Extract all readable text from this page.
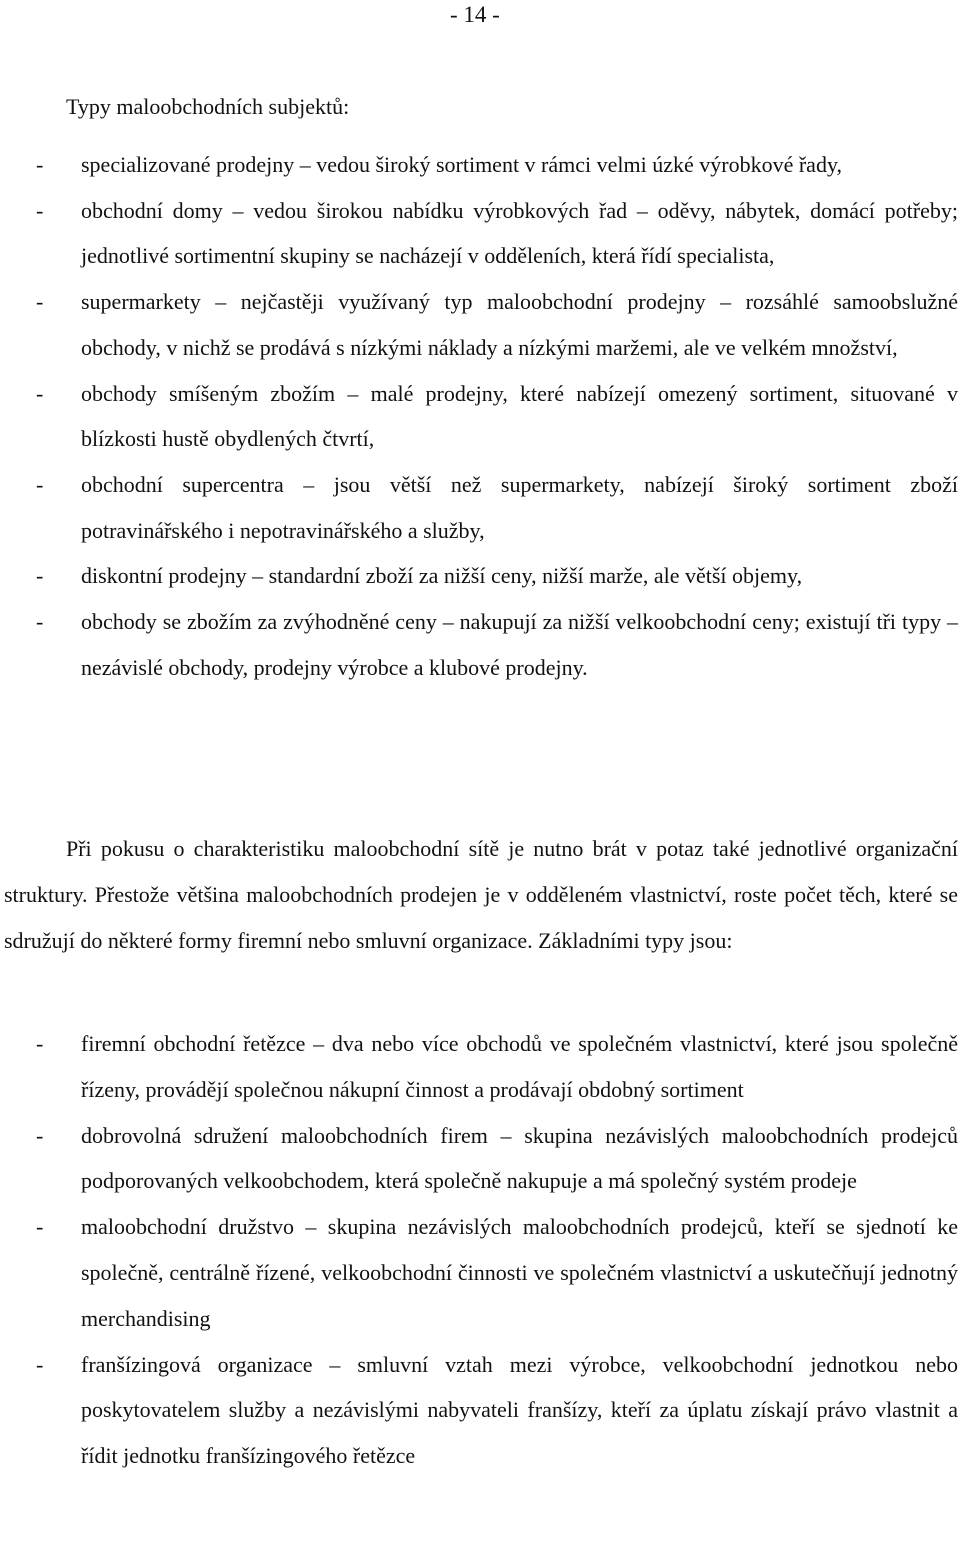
- 14 -
Typy maloobchodních subjektů:
- specializované prodejny – vedou široký sortiment v rámci velmi úzké výrobkové řady,
- obchodní domy – vedou širokou nabídku výrobkových řad – oděvy, nábytek, domácí potřeby; jednotlivé sortimentní skupiny se nacházejí v odděleních, která řídí specialista,
- supermarkety – nejčastěji využívaný typ maloobchodní prodejny – rozsáhlé samoobslužné obchody, v nichž se prodává s nízkými náklady a nízkými maržemi, ale ve velkém množství,
- obchody smíšeným zbožím – malé prodejny, které nabízejí omezený sortiment, situované v blízkosti hustě obydlených čtvrtí,
- obchodní supercentra – jsou větší než supermarkety, nabízejí široký sortiment zboží potravinářského i nepotravinářského a služby,
- diskontní prodejny – standardní zboží za nižší ceny, nižší marže, ale větší objemy,
- obchody se zbožím za zvýhodněné ceny – nakupují za nižší velkoobchodní ceny; existují tři typy – nezávislé obchody, prodejny výrobce a klubové prodejny.
Při pokusu o charakteristiku maloobchodní sítě je nutno brát v potaz také jednotlivé organizační struktury. Přestože většina maloobchodních prodejen je v odděleném vlastnictví, roste počet těch, které se sdružují do některé formy firemní nebo smluvní organizace. Základními typy jsou:
- firemní obchodní řetězce – dva nebo více obchodů ve společném vlastnictví, které jsou společně řízeny, provádějí společnou nákupní činnost a prodávají obdobný sortiment
- dobrovolná sdružení maloobchodních firem – skupina nezávislých maloobchodních prodejců podporovaných velkoobchodem, která společně nakupuje a má společný systém prodeje
- maloobchodní družstvo – skupina nezávislých maloobchodních prodejců, kteří se sjednotí ke společně, centrálně řízené, velkoobchodní činnosti ve společném vlastnictví a uskutečňují jednotný merchandising
- franšízingová organizace – smluvní vztah mezi výrobce, velkoobchodní jednotkou nebo poskytovatelem služby a nezávislými nabyvateli franšízy, kteří za úplatu získají právo vlastnit a řídit jednotku franšízingového řetězce
